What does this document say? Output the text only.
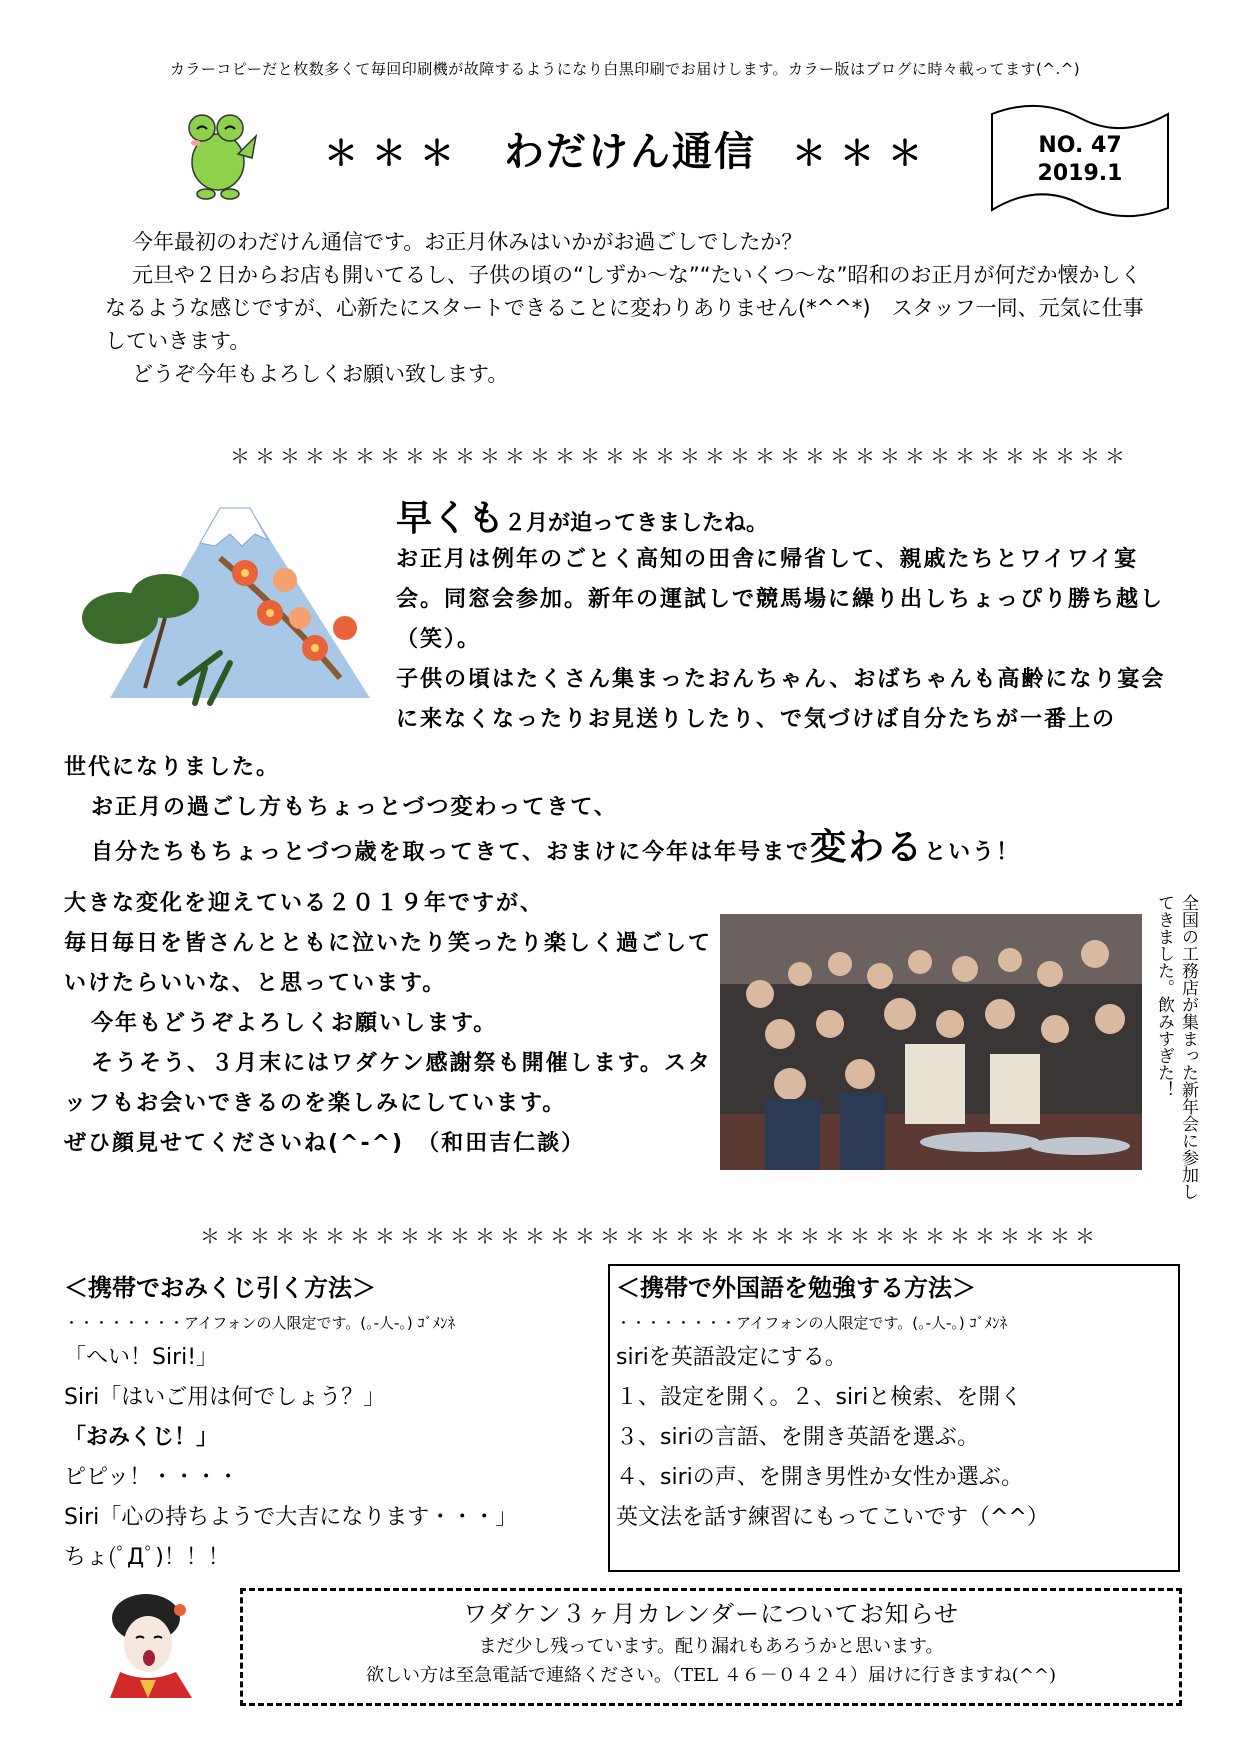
カラーコピーだと枚数多くて毎回印刷機が故障するようになり白黒印刷でお届けします。カラー版はブログに時々載ってます(^.^)
＊＊＊ わだけん通信 ＊＊＊	NO. 47
2019.1

今年最初のわだけん通信です。お正月休みはいかがお過ごしでしたか？

元旦や２日からお店も開いてるし、子供の頃の“しずか～な”“たいくつ～な”昭和のお正月が何だか懐かしくなるような感じですが、心新たにスタートできることに変わりありません(*^^*)　スタッフ一同、元気に仕事していきます。

どうぞ今年もよろしくお願い致します。

＊＊＊＊＊＊＊＊＊＊＊＊＊＊＊＊＊＊＊＊＊＊＊＊＊＊＊＊＊＊＊＊＊＊＊＊
早くも２月が迫ってきましたね。
お正月は例年のごとく高知の田舎に帰省して、親戚たちとワイワイ宴会。同窓会参加。新年の運試しで競馬場に繰り出しちょっぴり勝ち越し（笑）。
子供の頃はたくさん集まったおんちゃん、おばちゃんも高齢になり宴会に来なくなったりお見送りしたり、で気づけば自分たちが一番上の

世代になりました。

お正月の過ごし方もちょっとづつ変わってきて、

自分たちもちょっとづつ歳を取ってきて、おまけに今年は年号まで変わるという！

大きな変化を迎えている２０１９年ですが、

毎日毎日を皆さんとともに泣いたり笑ったり楽しく過ごしていけたらいいな、と思っています。

今年もどうぞよろしくお願いします。

そうそう、３月末にはワダケン感謝祭も開催します。スタッフもお会いできるのを楽しみにしています。

ぜひ顔見せてくださいね(^-^)　（和田吉仁談）	全国の工務店が集まった新年会に参加してきました。飲みすぎた！
＊＊＊＊＊＊＊＊＊＊＊＊＊＊＊＊＊＊＊＊＊＊＊＊＊＊＊＊＊＊＊＊＊＊＊＊
＜携帯でおみくじ引く方法＞
・・・・・・・・アイフォンの人限定です。(｡-人-｡) ｺﾞﾒﾝﾈ
「へい！Siri!」
Siri「はいご用は何でしょう？」
「おみくじ！」
ピピッ！・・・・
Siri「心の持ちようで大吉になります・・・」
ちょ(ﾟДﾟ)！！！
＜携帯で外国語を勉強する方法＞
・・・・・・・・アイフォンの人限定です。(｡-人-｡) ｺﾞﾒﾝﾈ
siriを英語設定にする。
１、設定を開く。２、siriと検索、を開く
３、siriの言語、を開き英語を選ぶ。
４、siriの声、を開き男性か女性か選ぶ。
英文法を話す練習にもってこいです（^^）
ワダケン３ヶ月カレンダーについてお知らせ
まだ少し残っています。配り漏れもあろうかと思います。
欲しい方は至急電話で連絡ください。（TEL ４６－０４２４）届けに行きますね(^^)
